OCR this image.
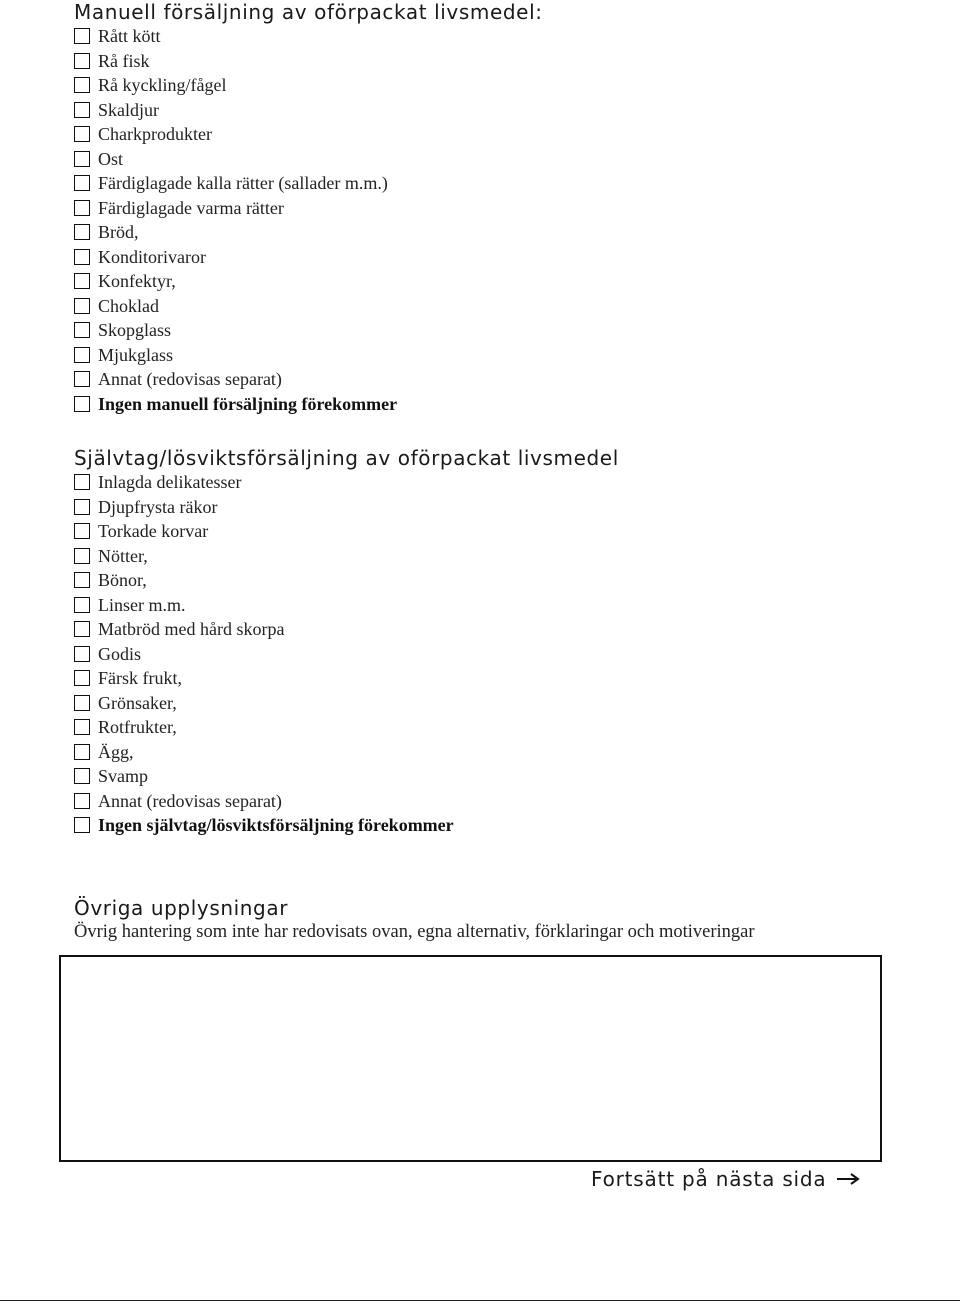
Manuell försäljning av oförpackat livsmedel:
Rått kött
Rå fisk
Rå kyckling/fågel
Skaldjur
Charkprodukter
Ost
Färdiglagade kalla rätter (sallader m.m.)
Färdiglagade varma rätter
Bröd,
Konditorivaror
Konfektyr,
Choklad
Skopglass
Mjukglass
Annat (redovisas separat)
Ingen manuell försäljning förekommer
Självtag/lösviktsförsäljning av oförpackat livsmedel
Inlagda delikatesser
Djupfrysta räkor
Torkade korvar
Nötter,
Bönor,
Linser m.m.
Matbröd med hård skorpa
Godis
Färsk frukt,
Grönsaker,
Rotfrukter,
Ägg,
Svamp
Annat (redovisas separat)
Ingen självtag/lösviktsförsäljning förekommer
Övriga upplysningar

Övrig hantering som inte har redovisats ovan, egna alternativ, förklaringar och motiveringar

Fortsätt på nästa sida
